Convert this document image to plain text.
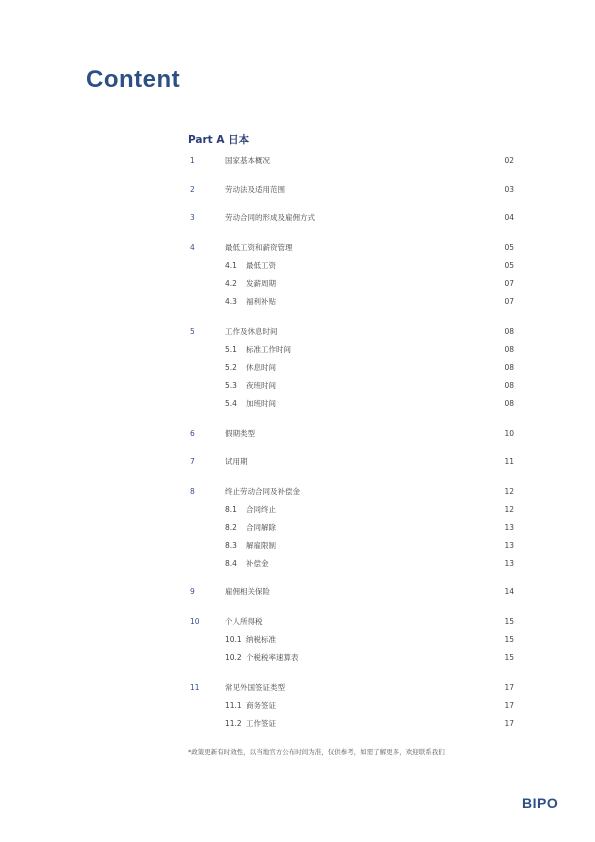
Content
Part A 日本
1	国家基本概况	02
2	劳动法及适用范围	03
3	劳动合同的形成及雇佣方式	04
4	最低工资和薪资管理	05
4.1 最低工资	05
4.2 发薪周期	07
4.3 福利补贴	07
5	工作及休息时间	08
5.1 标准工作时间	08
5.2 休息时间	08
5.3 夜班时间	08
5.4 加班时间	08
6	假期类型	10
7	试用期	11
8	终止劳动合同及补偿金	12
8.1 合同终止	12
8.2 合同解除	13
8.3 解雇限制	13
8.4 补偿金	13
9	雇佣相关保险	14
10	个人所得税	15
10.1 纳税标准	15
10.2 个税税率速算表	15
11	常见外国签证类型	17
11.1 商务签证	17
11.2 工作签证	17
*政策更新有时效性，以当地官方公布时间为准，仅供参考，如需了解更多，欢迎联系我们
BIPO
